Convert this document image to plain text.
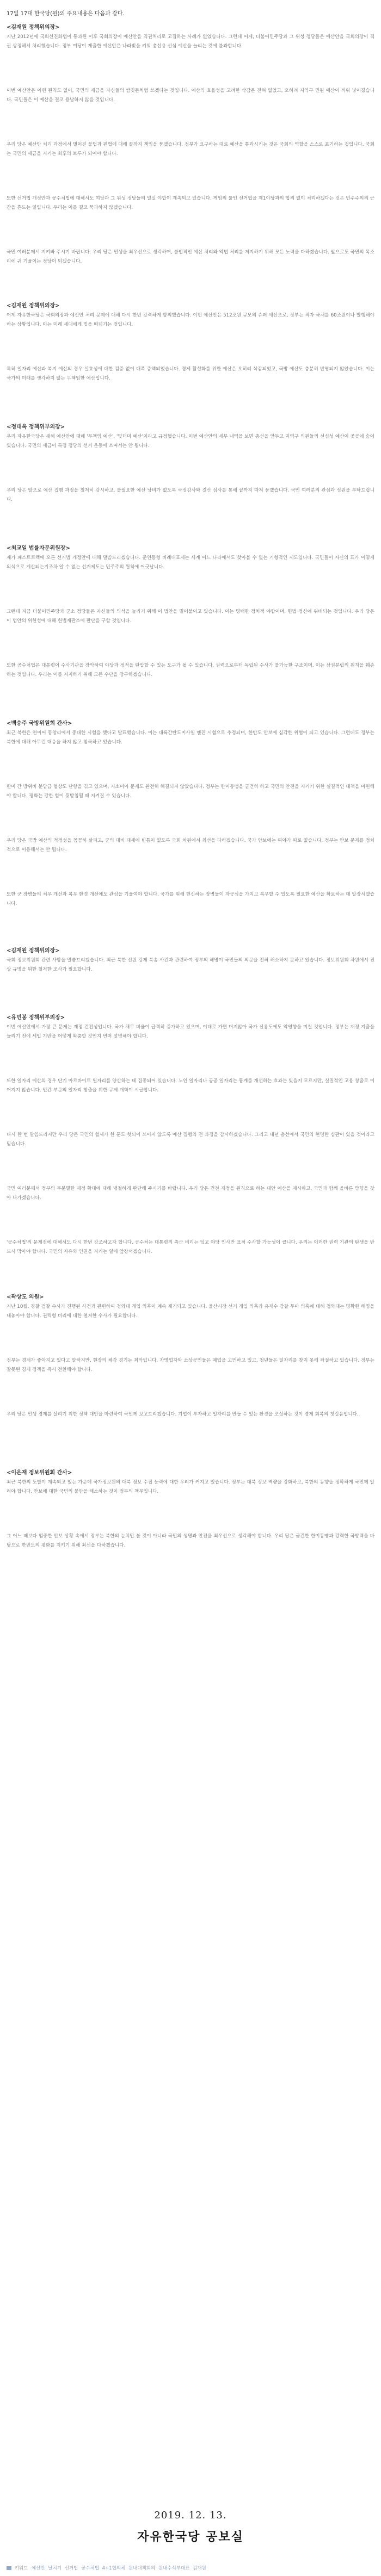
17일 17대 한국당(원)의 주요내용은 다음과 같다.
<김재원 정책위의장>

지난 2012년에 국회선진화법이 통과된 이후 국회의장이 예산안을 직권처리로 고집하는 사례가 없었습니다. 그런데 어제, 더불어민주당과 그 위성 정당들은 예산안을 국회의장이 직권 상정해서 처리했습니다. 정부 여당이 제출한 예산안은 나라빚을 키워 총선용 선심 예산을 늘리는 것에 불과합니다.

이번 예산안은 어떤 원칙도 없이, 국민의 세금을 자신들의 쌈짓돈처럼 쓰겠다는 것입니다. 예산의 효율성을 고려한 삭감은 전혀 없었고, 오히려 지역구 민원 예산이 끼워 넣어졌습니다. 국민들은 이 예산을 결코 용납하지 않을 것입니다.

우리 당은 예산안 처리 과정에서 벌어진 불법과 편법에 대해 끝까지 책임을 묻겠습니다. 정부가 요구하는 대로 예산을 통과시키는 것은 국회의 역할을 스스로 포기하는 것입니다. 국회는 국민의 세금을 지키는 최후의 보루가 되어야 합니다.

또한 선거법 개정안과 공수처법에 대해서도 여당과 그 위성 정당들의 밀실 야합이 계속되고 있습니다. 게임의 룰인 선거법을 제1야당과의 합의 없이 처리하겠다는 것은 민주주의의 근간을 흔드는 일입니다. 우리는 이를 결코 묵과하지 않겠습니다.

국민 여러분께서 지켜봐 주시기 바랍니다. 우리 당은 민생을 최우선으로 생각하며, 불법적인 예산 처리와 악법 처리를 저지하기 위해 모든 노력을 다하겠습니다. 앞으로도 국민의 목소리에 귀 기울이는 정당이 되겠습니다.

<김재원 정책위의장>

어제 자유한국당은 국회의장과 예산안 처리 문제에 대해 다시 한번 강력하게 항의했습니다. 이번 예산안은 512조원 규모의 슈퍼 예산으로, 정부는 적자 국채를 60조원이나 발행해야 하는 상황입니다. 이는 미래 세대에게 빚을 떠넘기는 것입니다.

특히 일자리 예산과 복지 예산의 경우 실효성에 대한 검증 없이 대폭 증액되었습니다. 경제 활성화를 위한 예산은 오히려 삭감되었고, 국방 예산도 충분히 반영되지 않았습니다. 이는 국가의 미래를 생각하지 않는 무책임한 예산입니다.

<정태옥 정책위부의장>

우리 자유한국당은 새해 예산안에 대해 '무책임 예산', '빚더미 예산'이라고 규정했습니다. 이번 예산안의 세부 내역을 보면 총선을 앞두고 지역구 의원들의 선심성 예산이 곳곳에 숨어 있습니다. 국민의 세금이 특정 정당의 선거 운동에 쓰여서는 안 됩니다.

우리 당은 앞으로 예산 집행 과정을 철저히 감시하고, 불필요한 예산 낭비가 없도록 국정감사와 결산 심사를 통해 끝까지 따져 묻겠습니다. 국민 여러분의 관심과 성원을 부탁드립니다.

<최교일 법률자문위원장>

제가 패스트트랙에 오른 선거법 개정안에 대해 말씀드리겠습니다. 준연동형 비례대표제는 세계 어느 나라에서도 찾아볼 수 없는 기형적인 제도입니다. 국민들이 자신의 표가 어떻게 의석으로 계산되는지조차 알 수 없는 선거제도는 민주주의 원칙에 어긋납니다.

그런데 지금 더불어민주당과 군소 정당들은 자신들의 의석을 늘리기 위해 이 법안을 밀어붙이고 있습니다. 이는 명백한 정치적 야합이며, 헌법 정신에 위배되는 것입니다. 우리 당은 이 법안의 위헌성에 대해 헌법재판소에 판단을 구할 것입니다.

또한 공수처법은 대통령이 수사기관을 장악하여 야당과 정적을 탄압할 수 있는 도구가 될 수 있습니다. 권력으로부터 독립된 수사가 불가능한 구조이며, 이는 삼권분립의 원칙을 훼손하는 것입니다. 우리는 이를 저지하기 위해 모든 수단을 강구하겠습니다.

<백승주 국방위원회 간사>

최근 북한은 연이어 동창리에서 중대한 시험을 했다고 발표했습니다. 이는 대륙간탄도미사일 엔진 시험으로 추정되며, 한반도 안보에 심각한 위협이 되고 있습니다. 그런데도 정부는 북한에 대해 아무런 대응을 하지 않고 침묵하고 있습니다.

한미 간 방위비 분담금 협상도 난항을 겪고 있으며, 지소미아 문제도 완전히 해결되지 않았습니다. 정부는 한미동맹을 굳건히 하고 국민의 안전을 지키기 위한 실질적인 대책을 마련해야 합니다. 평화는 강한 힘이 뒷받침될 때 지켜질 수 있습니다.

우리 당은 국방 예산의 적정성을 꼼꼼히 살피고, 군의 대비 태세에 빈틈이 없도록 국회 차원에서 최선을 다하겠습니다. 국가 안보에는 여야가 따로 없습니다. 정부는 안보 문제를 정치적으로 이용해서는 안 됩니다.

또한 군 장병들의 처우 개선과 복무 환경 개선에도 관심을 기울여야 합니다. 국가를 위해 헌신하는 장병들이 자긍심을 가지고 복무할 수 있도록 필요한 예산을 확보하는 데 앞장서겠습니다.

<김재원 정책위의장>

국회 정보위원회 관련 사항을 말씀드리겠습니다. 최근 북한 선원 강제 북송 사건과 관련하여 정부의 해명이 국민들의 의문을 전혀 해소하지 못하고 있습니다. 정보위원회 차원에서 진상 규명을 위한 철저한 조사가 필요합니다.

<유민봉 정책위부의장>

이번 예산안에서 가장 큰 문제는 재정 건전성입니다. 국가 채무 비율이 급격히 증가하고 있으며, 이대로 가면 머지않아 국가 신용도에도 악영향을 미칠 것입니다. 정부는 재정 지출을 늘리기 전에 세입 기반을 어떻게 확충할 것인지 먼저 설명해야 합니다.

또한 일자리 예산의 경우 단기 아르바이트 일자리를 양산하는 데 집중되어 있습니다. 노인 일자리나 공공 일자리는 통계를 개선하는 효과는 있을지 모르지만, 실질적인 고용 창출로 이어지지 않습니다. 민간 부문의 일자리 창출을 위한 규제 개혁이 시급합니다.

다시 한 번 말씀드리지만 우리 당은 국민의 혈세가 한 푼도 헛되이 쓰이지 않도록 예산 집행의 전 과정을 감시하겠습니다. 그리고 내년 총선에서 국민의 현명한 심판이 있을 것이라고 믿습니다.

국민 여러분께서 정부의 무분별한 재정 확대에 대해 냉철하게 판단해 주시기를 바랍니다. 우리 당은 건전 재정을 원칙으로 하는 대안 예산을 제시하고, 국민과 함께 올바른 방향을 찾아 나가겠습니다.

'공수처법'의 문제점에 대해서도 다시 한번 강조하고자 합니다. 공수처는 대통령의 측근 비리는 덮고 야당 인사만 표적 수사할 가능성이 큽니다. 우리는 이러한 권력 기관의 탄생을 반드시 막아야 합니다. 국민의 자유와 인권을 지키는 일에 앞장서겠습니다.

<곽상도 의원>

지난 10월, 경찰 검찰 수사가 진행된 사건과 관련하여 청와대 개입 의혹이 계속 제기되고 있습니다. 울산시장 선거 개입 의혹과 유재수 감찰 무마 의혹에 대해 청와대는 명확한 해명을 내놓아야 합니다. 권력형 비리에 대한 철저한 수사가 필요합니다.

정부는 경제가 좋아지고 있다고 말하지만, 현장의 체감 경기는 최악입니다. 자영업자와 소상공인들은 폐업을 고민하고 있고, 청년들은 일자리를 찾지 못해 좌절하고 있습니다. 정부는 잘못된 경제 정책을 즉시 전환해야 합니다.

우리 당은 민생 경제를 살리기 위한 정책 대안을 마련하여 국민께 보고드리겠습니다. 기업이 투자하고 일자리를 만들 수 있는 환경을 조성하는 것이 경제 회복의 첫걸음입니다.

<이은재 정보위원회 간사>

최근 북한의 도발이 계속되고 있는 가운데 국가정보원의 대북 정보 수집 능력에 대한 우려가 커지고 있습니다. 정부는 대북 정보 역량을 강화하고, 북한의 동향을 정확하게 국민께 알려야 합니다. 안보에 대한 국민의 불안을 해소하는 것이 정부의 책무입니다.

그 어느 때보다 엄중한 안보 상황 속에서 정부는 북한의 눈치만 볼 것이 아니라 국민의 생명과 안전을 최우선으로 생각해야 합니다. 우리 당은 굳건한 한미동맹과 강력한 국방력을 바탕으로 한반도의 평화를 지키기 위해 최선을 다하겠습니다.

2019. 12. 13.
자유한국당 공보실
키워드 예산안 날치기 선거법 공수처법 4+1협의체 원내대책회의 원내수석부대표 김재원
